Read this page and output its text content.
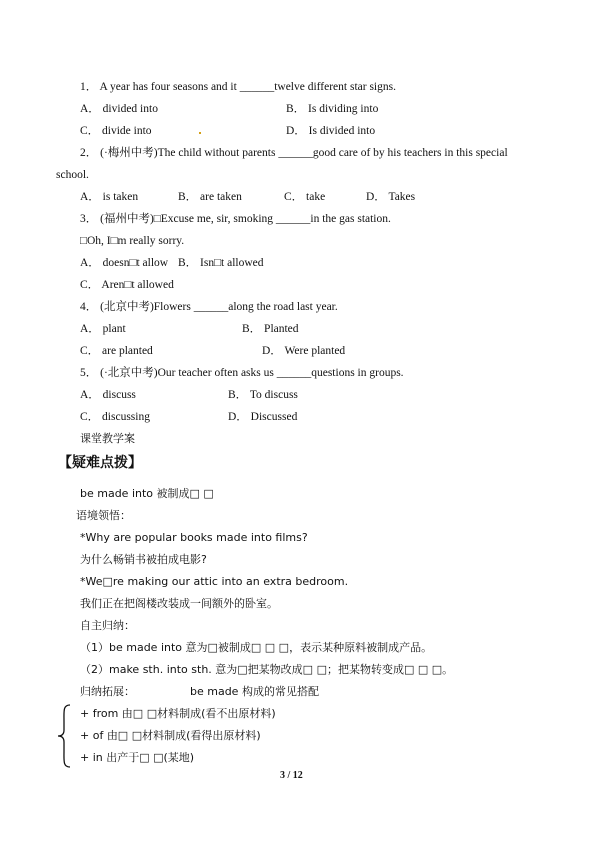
1． A year has four seasons and it ______twelve different star signs.
A． divided into	B． Is dividing into
C． divide into	D． Is divided into
2． (·梅州中考)The child without parents ______good care of by his teachers in this special
school.
A． is taken	B． are taken	C． take	D． Takes
3． (福州中考)□Excuse me, sir, smoking ______in the gas station.
□Oh, I□m really sorry.
A． doesn□t allow B． Isn□t allowed
C． Aren□t allowed
4． (北京中考)Flowers ______along the road last year.
A． plant	B． Planted
C． are planted	D． Were planted
5． (·北京中考)Our teacher often asks us ______questions in groups.
A． discuss	B． To discuss
C． discussing	D． Discussed
课堂教学案
【疑难点拨】
be made into 被制成□ □
语境领悟：
*Why are popular books made into films?
为什么畅销书被拍成电影?
*We□re making our attic into an extra bedroom.
我们正在把阁楼改装成一间额外的卧室。
自主归纳：
（1）be made into 意为□被制成□ □ □，表示某种原料被制成产品。
（2）make sth. into sth. 意为□把某物改成□ □；把某物转变成□ □ □。
归纳拓展：	be made 构成的常见搭配
+ from 由□ □材料制成(看不出原材料)
+ of 由□ □材料制成(看得出原材料)
+ in 出产于□ □(某地)
3 / 12
